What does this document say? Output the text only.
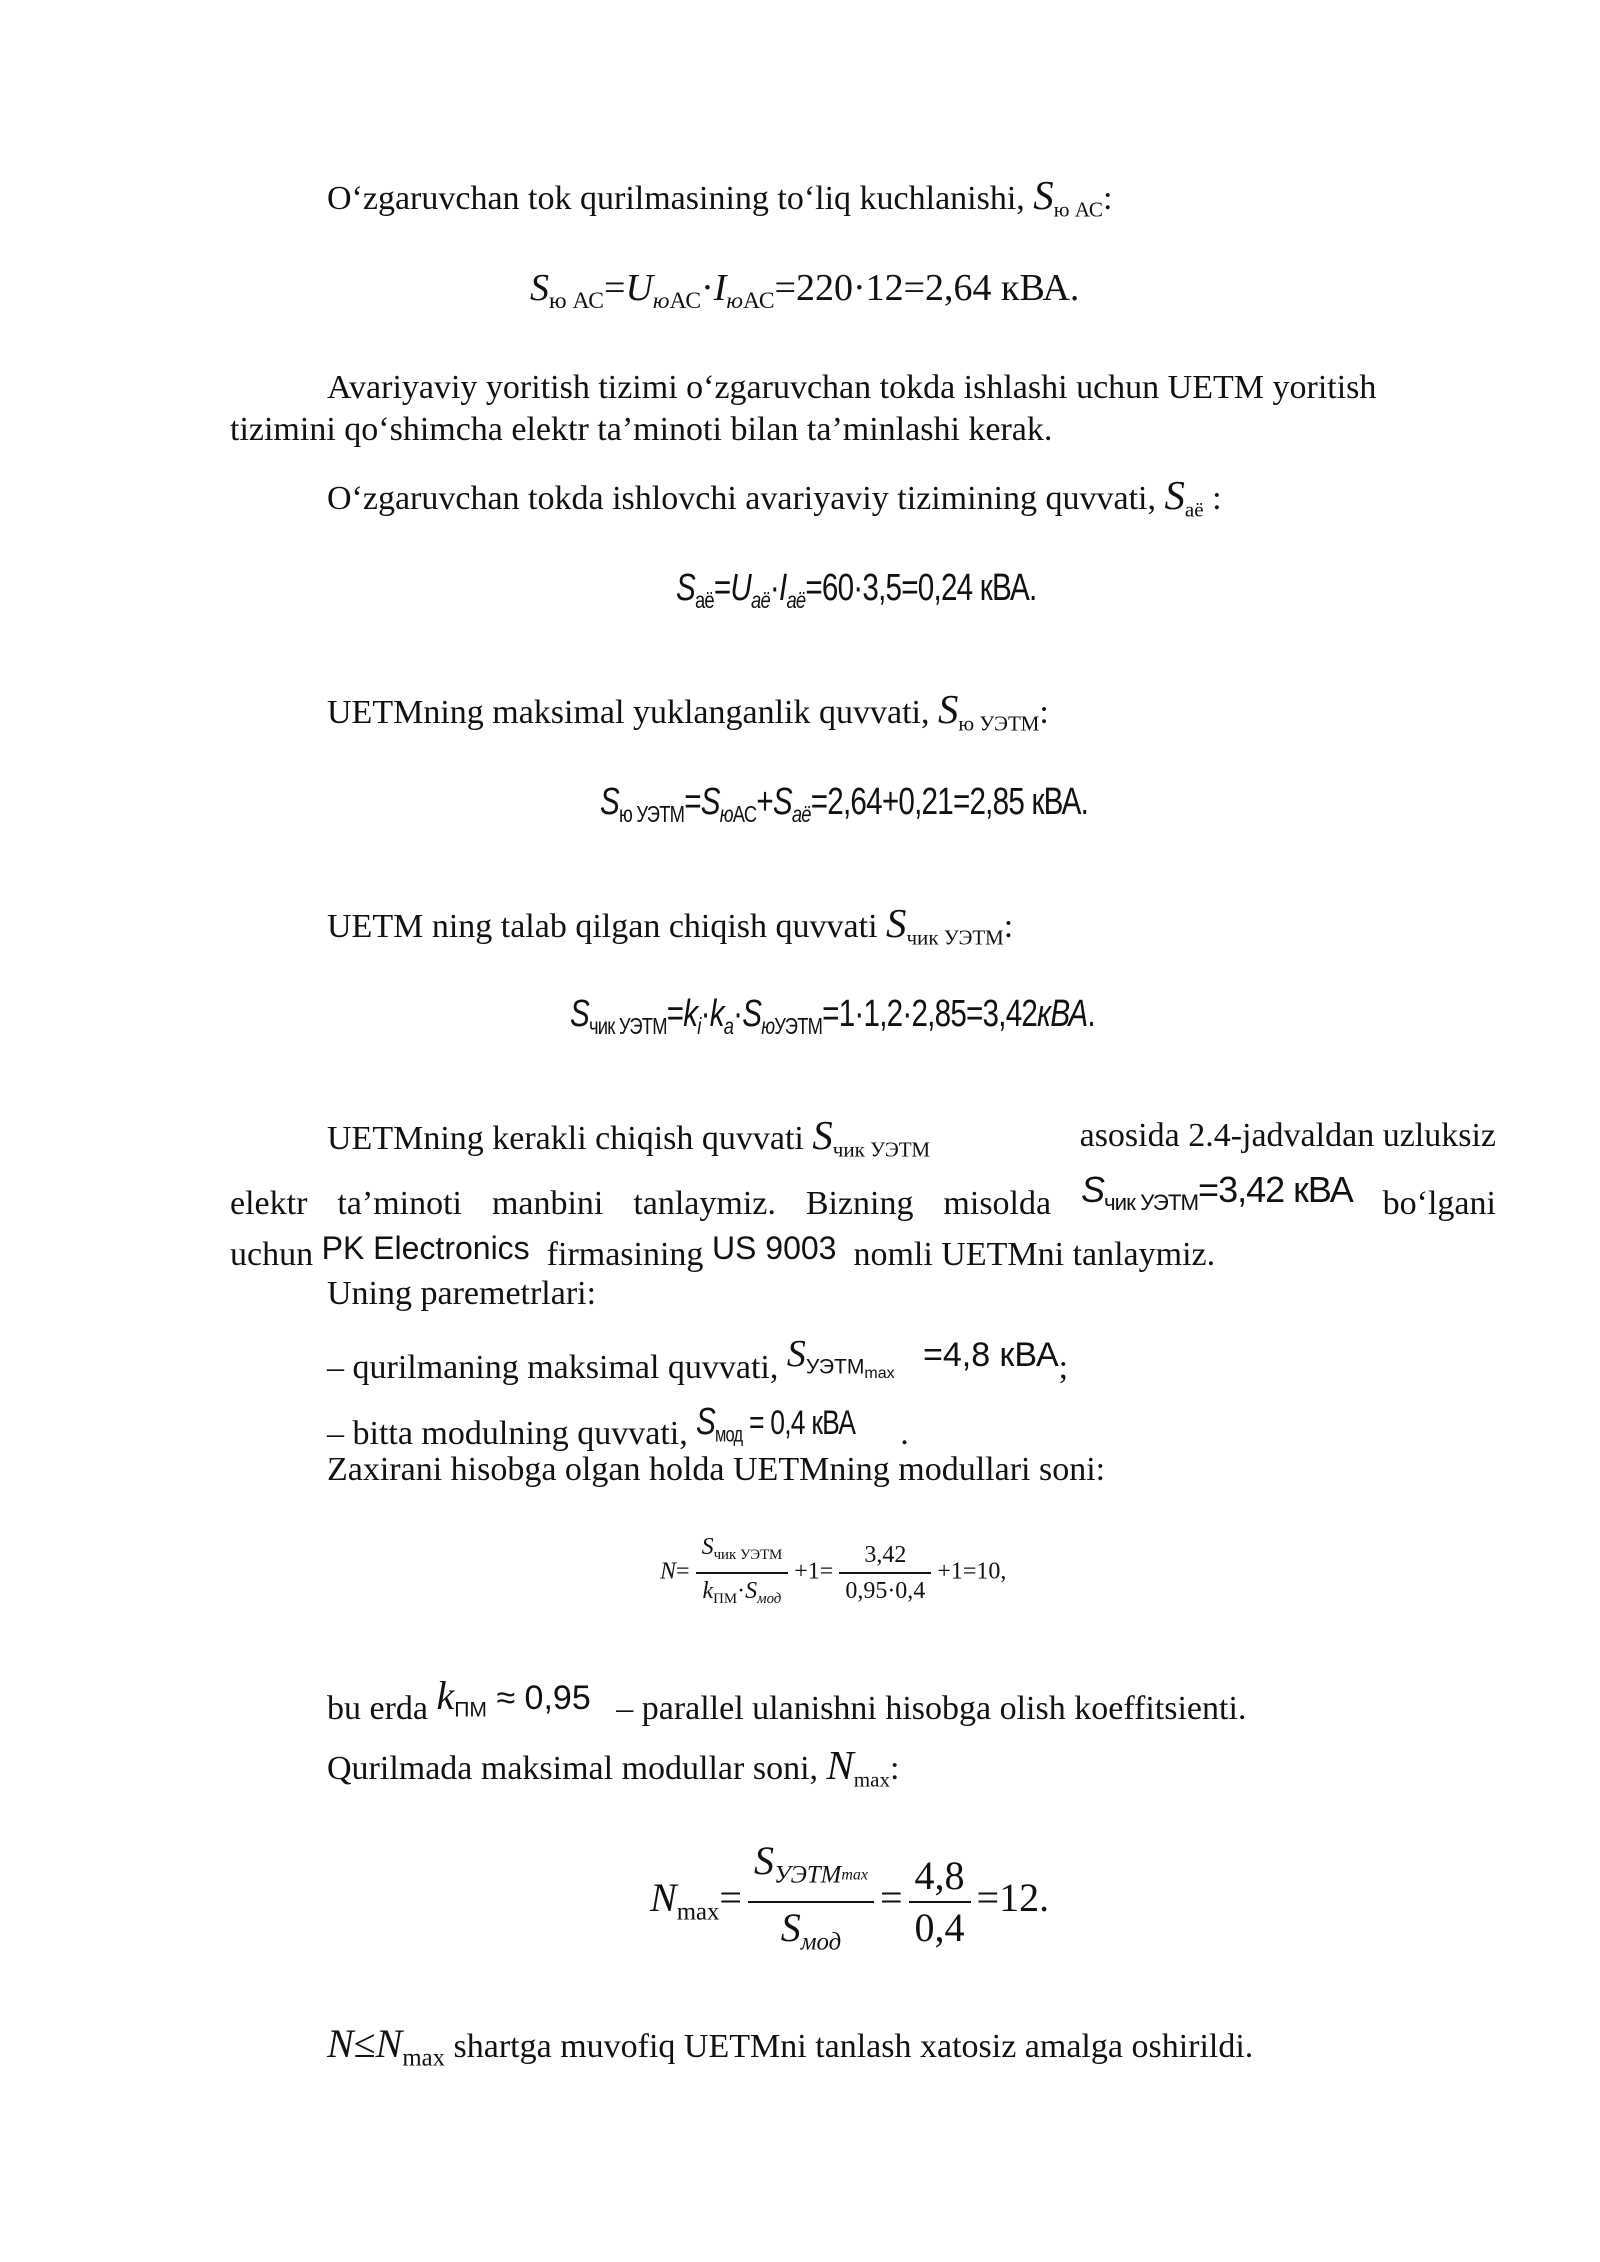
O‘zgaruvchan tok qurilmasining to‘liq kuchlanishi, $S_{ю АС}$:
$S_{ю АС}=U_{юАС}\cdot I_{юАС}=220\cdot 12=2,64$ кВА.
Avariyaviy yoritish tizimi o‘zgaruvchan tokda ishlashi uchun UETM yoritish
tizimini qo‘shimcha elektr ta’minoti bilan ta’minlashi kerak.
O‘zgaruvchan tokda ishlovchi avariyaviy tizimining quvvati, $S_{аё}$ :
$S_{аё}=U_{аё}\cdot I_{аё}=60\cdot 3,5=0,24$ кВА.
UETMning maksimal yuklanganlik quvvati, $S_{ю УЭТМ}$:
$S_{ю УЭТМ}=S_{юАС}+S_{аё}=2,64+0,21=2,85$ кВА.
UETM ning talab qilgan chiqish quvvati $S_{чик УЭТМ}$:
$S_{чик УЭТМ}=k_i\cdot k_a\cdot S_{юУЭТМ}=1\cdot 1,2\cdot 2,85=3,42кВА$.
UETMning kerakli chiqish quvvati $S_{чик УЭТМ}$	asosida 2.4-jadvaldan uzluksiz
elektr ta’minoti manbini tanlaymiz. Bizning misolda $S_{чик УЭТМ}=3,42$ кВА bo‘lgani
uchun PK Electronics firmasining US 9003 nomli UETMni tanlaymiz.
Uning paremetrlari:
– qurilmaning maksimal quvvati, $S_{УЭТМmax} =4,8$ кВА;
– bitta modulning quvvati, $S_{мод} = 0,4$ кВА .
Zaxirani hisobga olgan holda UETMning modullari soni:
$N= \frac{S_{чик УЭТМ}}{k_{ПМ}\cdot S_{мод}} +1= \frac{3,42}{0,95\cdot 0,4} +1=10$,
bu erda $k_{ПМ} \approx 0,95$ – parallel ulanishni hisobga olish koeffitsienti.
Qurilmada maksimal modullar soni, $N_{max}$:
$N_{max}= \frac{S_{УЭТМ}\max}{S_{мод}} = \frac{4,8}{0,4} =12$.
$N\le N_{max}$ shartga muvofiq UETMni tanlash xatosiz amalga oshirildi.
